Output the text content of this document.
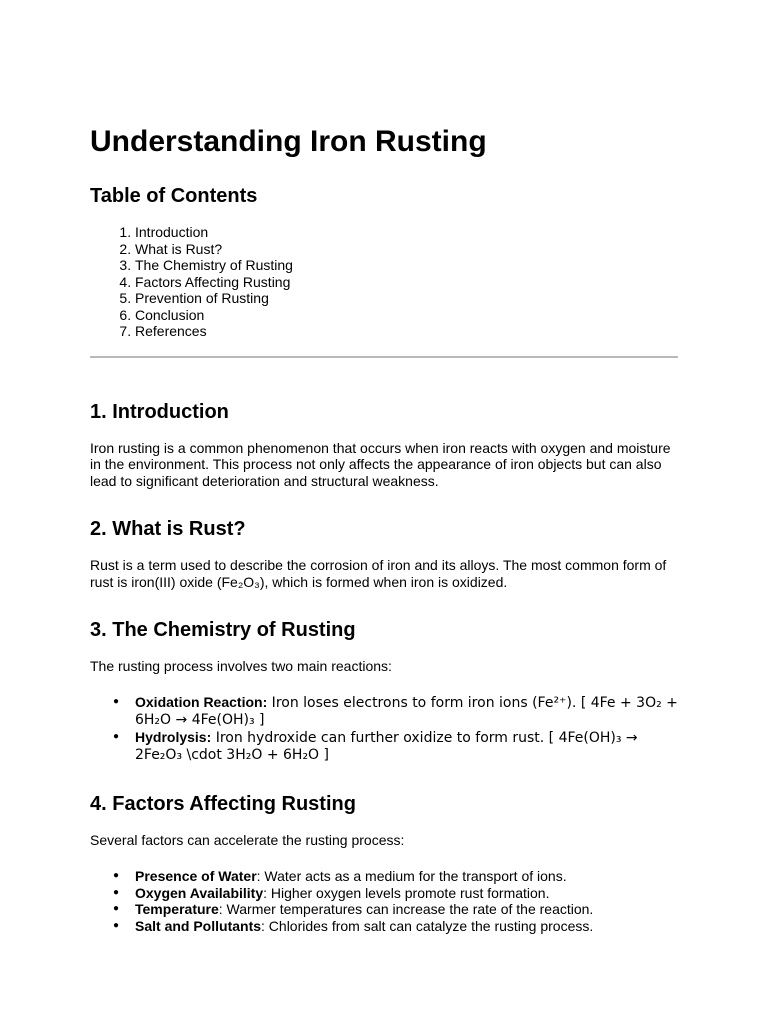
Understanding Iron Rusting
Table of Contents
1. Introduction
2. What is Rust?
3. The Chemistry of Rusting
4. Factors Affecting Rusting
5. Prevention of Rusting
6. Conclusion
7. References
1. Introduction

Iron rusting is a common phenomenon that occurs when iron reacts with oxygen and moisture in the environment. This process not only affects the appearance of iron objects but can also lead to significant deterioration and structural weakness.

2. What is Rust?

Rust is a term used to describe the corrosion of iron and its alloys. The most common form of rust is iron(III) oxide (Fe₂O₃), which is formed when iron is oxidized.

3. The Chemistry of Rusting

The rusting process involves two main reactions:

● Oxidation Reaction: Iron loses electrons to form iron ions (Fe²⁺). [ 4Fe + 3O₂ + 6H₂O → 4Fe(OH)₃ ]
● Hydrolysis: Iron hydroxide can further oxidize to form rust. [ 4Fe(OH)₃ → 2Fe₂O₃ \cdot 3H₂O + 6H₂O ]
4. Factors Affecting Rusting

Several factors can accelerate the rusting process:

● Presence of Water: Water acts as a medium for the transport of ions.
● Oxygen Availability: Higher oxygen levels promote rust formation.
● Temperature: Warmer temperatures can increase the rate of the reaction.
● Salt and Pollutants: Chlorides from salt can catalyze the rusting process.
